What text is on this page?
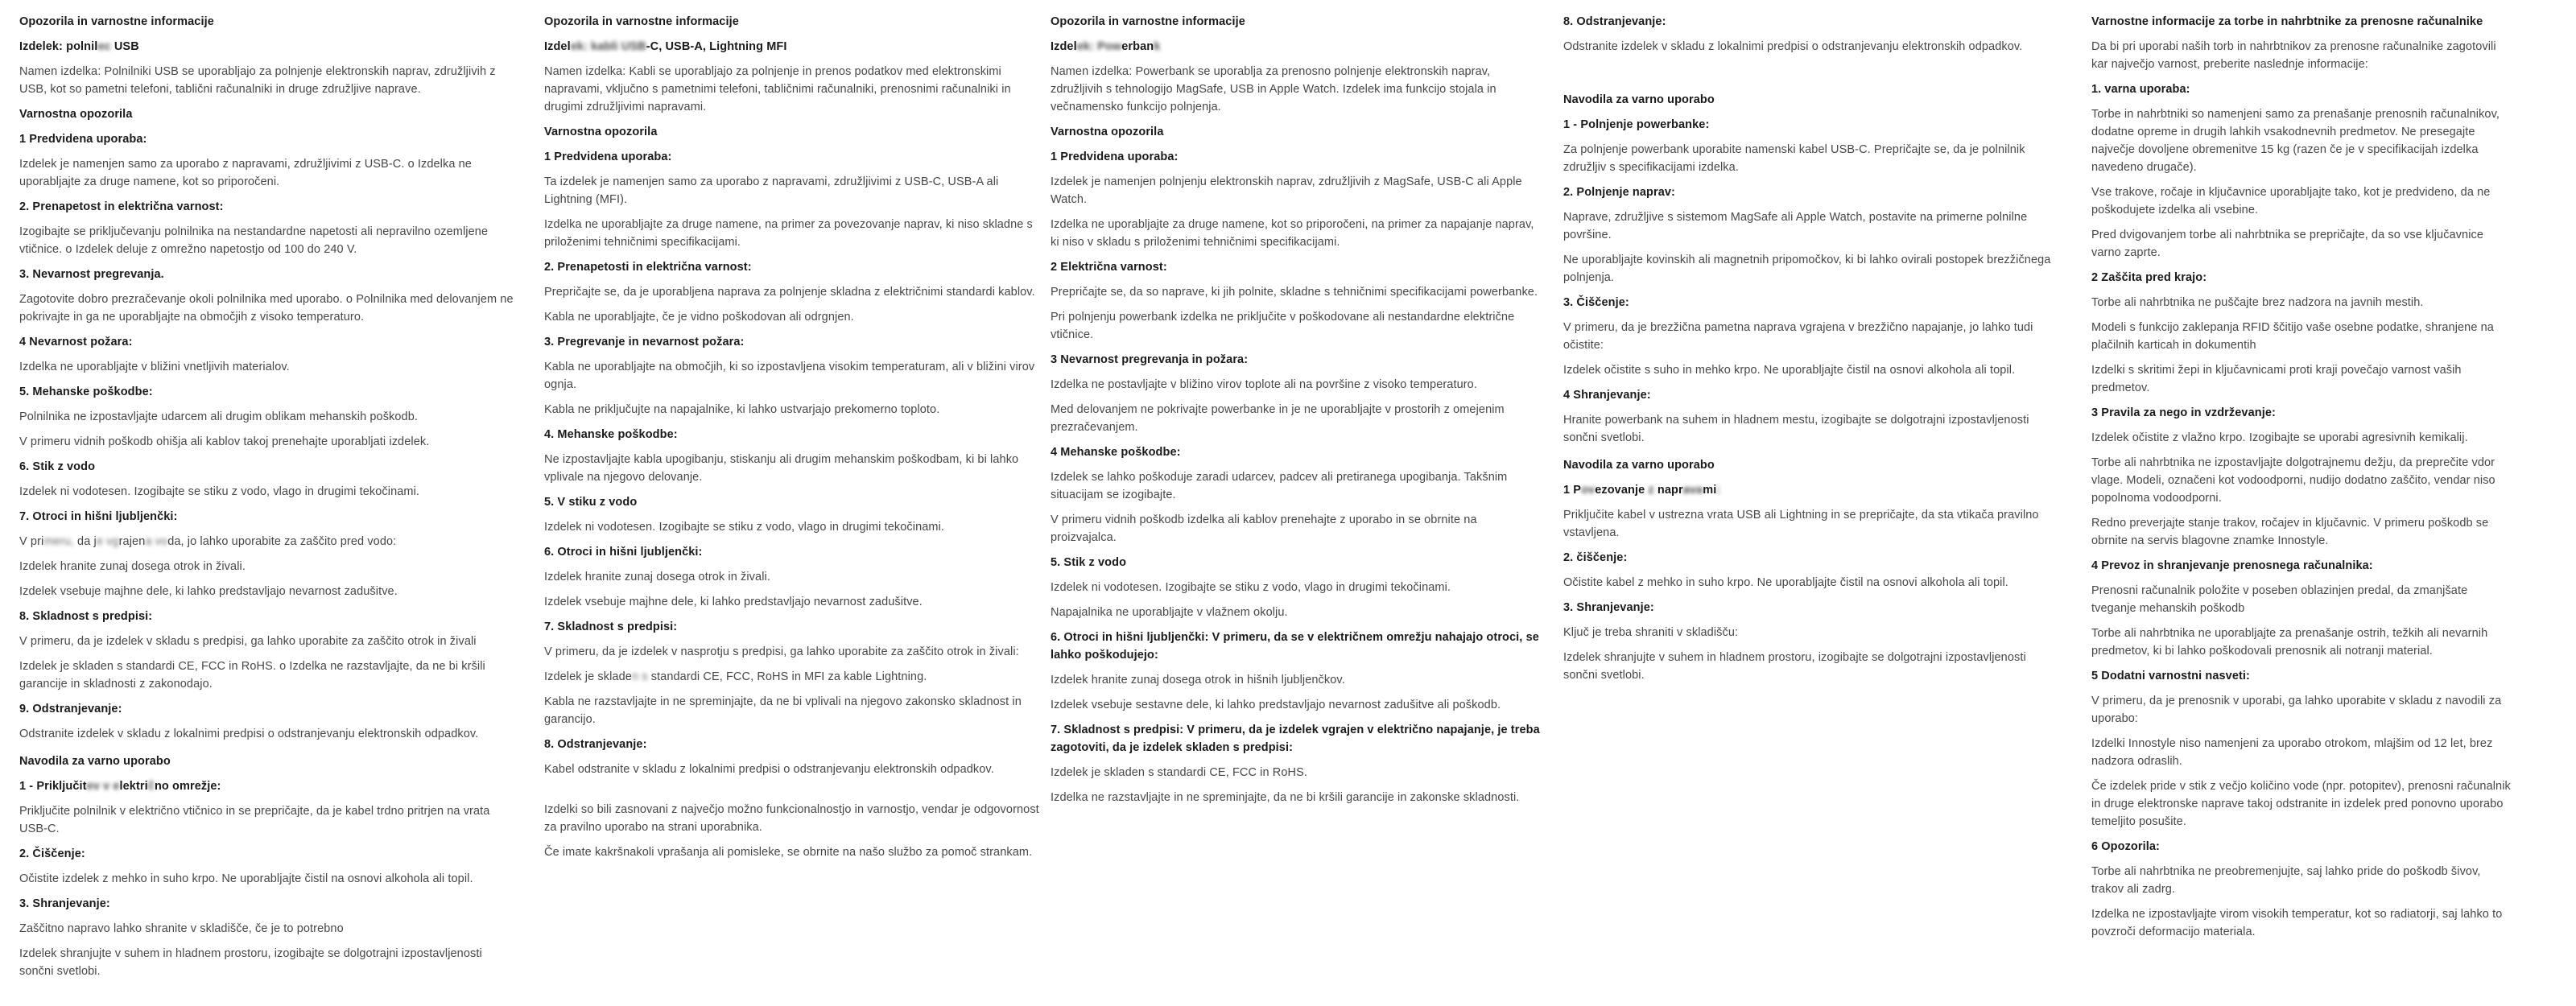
Opozorila in varnostne informacije
Izdelek: polnilec USB
Namen izdelka: Polnilniki USB se uporabljajo za polnjenje elektronskih naprav, združljivih z USB, kot so pametni telefoni, tablični računalniki in druge združljive naprave.
Varnostna opozorila
1 Predvidena uporaba:
Izdelek je namenjen samo za uporabo z napravami, združljivimi z USB-C. o Izdelka ne uporabljajte za druge namene, kot so priporočeni.
2. Prenapetost in električna varnost:
Izogibajte se priključevanju polnilnika na nestandardne napetosti ali nepravilno ozemljene vtičnice. o Izdelek deluje z omrežno napetostjo od 100 do 240 V.
3. Nevarnost pregrevanja.
Zagotovite dobro prezračevanje okoli polnilnika med uporabo. o Polnilnika med delovanjem ne pokrivajte in ga ne uporabljajte na območjih z visoko temperaturo.
4 Nevarnost požara:
Izdelka ne uporabljajte v bližini vnetljivih materialov.
5. Mehanske poškodbe:
Polnilnika ne izpostavljajte udarcem ali drugim oblikam mehanskih poškodb.
V primeru vidnih poškodb ohišja ali kablov takoj prenehajte uporabljati izdelek.
6. Stik z vodo
Izdelek ni vodotesen. Izogibajte se stiku z vodo, vlago in drugimi tekočinami.
7. Otroci in hišni ljubljenčki:
V primeru, da je vgrajena voda, jo lahko uporabite za zaščito pred vodo:
Izdelek hranite zunaj dosega otrok in živali.
Izdelek vsebuje majhne dele, ki lahko predstavljajo nevarnost zadušitve.
8. Skladnost s predpisi:
V primeru, da je izdelek v skladu s predpisi, ga lahko uporabite za zaščito otrok in živali
Izdelek je skladen s standardi CE, FCC in RoHS. o Izdelka ne razstavljajte, da ne bi kršili garancije in skladnosti z zakonodajo.
9. Odstranjevanje:
Odstranite izdelek v skladu z lokalnimi predpisi o odstranjevanju elektronskih odpadkov.
Navodila za varno uporabo
1 - Priključitev v električno omrežje:
Priključite polnilnik v električno vtičnico in se prepričajte, da je kabel trdno pritrjen na vrata USB-C.
2. Čiščenje:
Očistite izdelek z mehko in suho krpo. Ne uporabljajte čistil na osnovi alkohola ali topil.
3. Shranjevanje:
Zaščitno napravo lahko shranite v skladišče, če je to potrebno
Izdelek shranjujte v suhem in hladnem prostoru, izogibajte se dolgotrajni izpostavljenosti sončni svetlobi.
Opozorila in varnostne informacije
Izdelek: kabli USB-C, USB-A, Lightning MFI
Namen izdelka: Kabli se uporabljajo za polnjenje in prenos podatkov med elektronskimi napravami, vključno s pametnimi telefoni, tabličnimi računalniki, prenosnimi računalniki in drugimi združljivimi napravami.
Varnostna opozorila
1 Predvidena uporaba:
Ta izdelek je namenjen samo za uporabo z napravami, združljivimi z USB-C, USB-A ali Lightning (MFI).
Izdelka ne uporabljajte za druge namene, na primer za povezovanje naprav, ki niso skladne s priloženimi tehničnimi specifikacijami.
2. Prenapetosti in električna varnost:
Prepričajte se, da je uporabljena naprava za polnjenje skladna z električnimi standardi kablov.
Kabla ne uporabljajte, če je vidno poškodovan ali odrgnjen.
3. Pregrevanje in nevarnost požara:
Kabla ne uporabljajte na območjih, ki so izpostavljena visokim temperaturam, ali v bližini virov ognja.
Kabla ne priključujte na napajalnike, ki lahko ustvarjajo prekomerno toploto.
4. Mehanske poškodbe:
Ne izpostavljajte kabla upogibanju, stiskanju ali drugim mehanskim poškodbam, ki bi lahko vplivale na njegovo delovanje.
5. V stiku z vodo
Izdelek ni vodotesen. Izogibajte se stiku z vodo, vlago in drugimi tekočinami.
6. Otroci in hišni ljubljenčki:
Izdelek hranite zunaj dosega otrok in živali.
Izdelek vsebuje majhne dele, ki lahko predstavljajo nevarnost zadušitve.
7. Skladnost s predpisi:
V primeru, da je izdelek v nasprotju s predpisi, ga lahko uporabite za zaščito otrok in živali:
Izdelek je skladen s standardi CE, FCC, RoHS in MFI za kable Lightning.
Kabla ne razstavljajte in ne spreminjajte, da ne bi vplivali na njegovo zakonsko skladnost in garancijo.
8. Odstranjevanje:
Kabel odstranite v skladu z lokalnimi predpisi o odstranjevanju elektronskih odpadkov.
Izdelki so bili zasnovani z največjo možno funkcionalnostjo in varnostjo, vendar je odgovornost za pravilno uporabo na strani uporabnika.
Če imate kakršnakoli vprašanja ali pomisleke, se obrnite na našo službo za pomoč strankam.
Opozorila in varnostne informacije
Izdelek: Powerbank
Namen izdelka: Powerbank se uporablja za prenosno polnjenje elektronskih naprav, združljivih s tehnologijo MagSafe, USB in Apple Watch. Izdelek ima funkcijo stojala in večnamensko funkcijo polnjenja.
Varnostna opozorila
1 Predvidena uporaba:
Izdelek je namenjen polnjenju elektronskih naprav, združljivih z MagSafe, USB-C ali Apple Watch.
Izdelka ne uporabljajte za druge namene, kot so priporočeni, na primer za napajanje naprav, ki niso v skladu s priloženimi tehničnimi specifikacijami.
2 Električna varnost:
Prepričajte se, da so naprave, ki jih polnite, skladne s tehničnimi specifikacijami powerbanke.
Pri polnjenju powerbank izdelka ne priključite v poškodovane ali nestandardne električne vtičnice.
3 Nevarnost pregrevanja in požara:
Izdelka ne postavljajte v bližino virov toplote ali na površine z visoko temperaturo.
Med delovanjem ne pokrivajte powerbanke in je ne uporabljajte v prostorih z omejenim prezračevanjem.
4 Mehanske poškodbe:
Izdelek se lahko poškoduje zaradi udarcev, padcev ali pretiranega upogibanja. Takšnim situacijam se izogibajte.
V primeru vidnih poškodb izdelka ali kablov prenehajte z uporabo in se obrnite na proizvajalca.
5. Stik z vodo
Izdelek ni vodotesen. Izogibajte se stiku z vodo, vlago in drugimi tekočinami.
Napajalnika ne uporabljajte v vlažnem okolju.
6. Otroci in hišni ljubljenčki: V primeru, da se v električnem omrežju nahajajo otroci, se lahko poškodujejo:
Izdelek hranite zunaj dosega otrok in hišnih ljubljenčkov.
Izdelek vsebuje sestavne dele, ki lahko predstavljajo nevarnost zadušitve ali poškodb.
7. Skladnost s predpisi: V primeru, da je izdelek vgrajen v električno napajanje, je treba zagotoviti, da je izdelek skladen s predpisi:
Izdelek je skladen s standardi CE, FCC in RoHS.
Izdelka ne razstavljajte in ne spreminjajte, da ne bi kršili garancije in zakonske skladnosti.
8. Odstranjevanje:
Odstranite izdelek v skladu z lokalnimi predpisi o odstranjevanju elektronskih odpadkov.
Navodila za varno uporabo
1 - Polnjenje powerbanke:
Za polnjenje powerbank uporabite namenski kabel USB-C. Prepričajte se, da je polnilnik združljiv s specifikacijami izdelka.
2. Polnjenje naprav:
Naprave, združljive s sistemom MagSafe ali Apple Watch, postavite na primerne polnilne površine.
Ne uporabljajte kovinskih ali magnetnih pripomočkov, ki bi lahko ovirali postopek brezžičnega polnjenja.
3. Čiščenje:
V primeru, da je brezžična pametna naprava vgrajena v brezžično napajanje, jo lahko tudi očistite:
Izdelek očistite s suho in mehko krpo. Ne uporabljajte čistil na osnovi alkohola ali topil.
4 Shranjevanje:
Hranite powerbank na suhem in hladnem mestu, izogibajte se dolgotrajni izpostavljenosti sončni svetlobi.
Navodila za varno uporabo
1 Povezovanje z napravami:
Priključite kabel v ustrezna vrata USB ali Lightning in se prepričajte, da sta vtikača pravilno vstavljena.
2. čiščenje:
Očistite kabel z mehko in suho krpo. Ne uporabljajte čistil na osnovi alkohola ali topil.
3. Shranjevanje:
Ključ je treba shraniti v skladišču:
Izdelek shranjujte v suhem in hladnem prostoru, izogibajte se dolgotrajni izpostavljenosti sončni svetlobi.
Varnostne informacije za torbe in nahrbtnike za prenosne računalnike
Da bi pri uporabi naših torb in nahrbtnikov za prenosne računalnike zagotovili kar največjo varnost, preberite naslednje informacije:
1. varna uporaba:
Torbe in nahrbtniki so namenjeni samo za prenašanje prenosnih računalnikov, dodatne opreme in drugih lahkih vsakodnevnih predmetov. Ne presegajte največje dovoljene obremenitve 15 kg (razen če je v specifikacijah izdelka navedeno drugače).
Vse trakove, ročaje in ključavnice uporabljajte tako, kot je predvideno, da ne poškodujete izdelka ali vsebine.
Pred dvigovanjem torbe ali nahrbtnika se prepričajte, da so vse ključavnice varno zaprte.
2 Zaščita pred krajo:
Torbe ali nahrbtnika ne puščajte brez nadzora na javnih mestih.
Modeli s funkcijo zaklepanja RFID ščitijo vaše osebne podatke, shranjene na plačilnih karticah in dokumentih
Izdelki s skritimi žepi in ključavnicami proti kraji povečajo varnost vaših predmetov.
3 Pravila za nego in vzdrževanje:
Izdelek očistite z vlažno krpo. Izogibajte se uporabi agresivnih kemikalij.
Torbe ali nahrbtnika ne izpostavljajte dolgotrajnemu dežju, da preprečite vdor vlage. Modeli, označeni kot vodoodporni, nudijo dodatno zaščito, vendar niso popolnoma vodoodporni.
Redno preverjajte stanje trakov, ročajev in ključavnic. V primeru poškodb se obrnite na servis blagovne znamke Innostyle.
4 Prevoz in shranjevanje prenosnega računalnika:
Prenosni računalnik položite v poseben oblazinjen predal, da zmanjšate tveganje mehanskih poškodb
Torbe ali nahrbtnika ne uporabljajte za prenašanje ostrih, težkih ali nevarnih predmetov, ki bi lahko poškodovali prenosnik ali notranji material.
5 Dodatni varnostni nasveti:
V primeru, da je prenosnik v uporabi, ga lahko uporabite v skladu z navodili za uporabo:
Izdelki Innostyle niso namenjeni za uporabo otrokom, mlajšim od 12 let, brez nadzora odraslih.
Če izdelek pride v stik z večjo količino vode (npr. potopitev), prenosni računalnik in druge elektronske naprave takoj odstranite in izdelek pred ponovno uporabo temeljito posušite.
6 Opozorila:
Torbe ali nahrbtnika ne preobremenjujte, saj lahko pride do poškodb šivov, trakov ali zadrg.
Izdelka ne izpostavljajte virom visokih temperatur, kot so radiatorji, saj lahko to povzroči deformacijo materiala.
